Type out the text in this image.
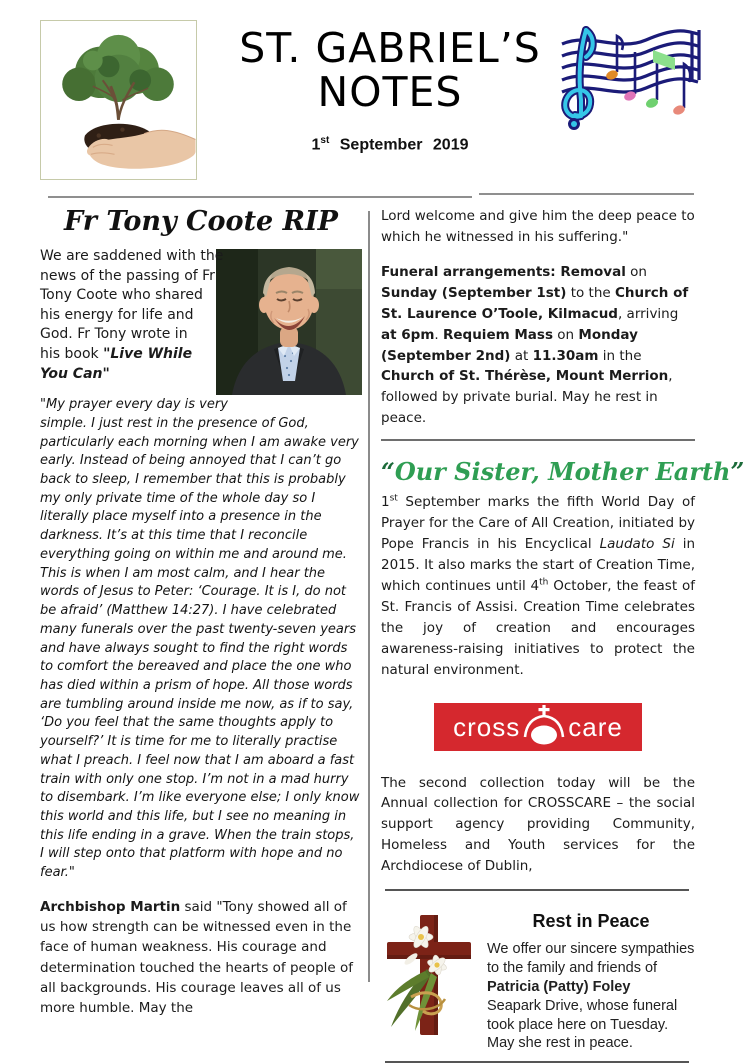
ST. GABRIEL’S
NOTES
1st September 2019
Fr Tony Coote RIP

We are saddened with the news of the passing of Fr Tony Coote who shared his energy for life and God. Fr Tony wrote in his book "Live While You Can"

"My prayer every day is very simple. I just rest in the presence of God, particularly each morning when I am awake very early. Instead of being annoyed that I can’t go back to sleep, I remember that this is probably my only private time of the whole day so I literally place myself into a presence in the darkness. It’s at this time that I reconcile everything going on within me and around me. This is when I am most calm, and I hear the words of Jesus to Peter: ‘Courage. It is I, do not be afraid’ (Matthew 14:27). I have celebrated many funerals over the past twenty-seven years and have always sought to find the right words to comfort the bereaved and place the one who has died within a prism of hope. All those words are tumbling around inside me now, as if to say, ‘Do you feel that the same thoughts apply to yourself?’ It is time for me to literally practise what I preach. I feel now that I am aboard a fast train with only one stop. I’m not in a mad hurry to disembark. I’m like everyone else; I only know this world and this life, but I see no meaning in this life ending in a grave. When the train stops, I will step onto that platform with hope and no fear."

Archbishop Martin said "Tony showed all of us how strength can be witnessed even in the face of human weakness. His courage and determination touched the hearts of people of all backgrounds. His courage leaves all of us more humble. May the

Lord welcome and give him the deep peace to which he witnessed in his suffering."

Funeral arrangements: Removal on Sunday (September 1st) to the Church of St. Laurence O’Toole, Kilmacud, arriving at 6pm. Requiem Mass on Monday (September 2nd) at 11.30am in the Church of St. Thérèse, Mount Merrion, followed by private burial. May he rest in peace.

“Our Sister, Mother Earth”

1st September marks the fifth World Day of Prayer for the Care of All Creation, initiated by Pope Francis in his Encyclical Laudato Si in 2015. It also marks the start of Creation Time, which continues until 4th October, the feast of St. Francis of Assisi. Creation Time celebrates the joy of creation and encourages awareness-raising initiatives to protect the natural environment.

cross care

The second collection today will be the Annual collection for CROSSCARE – the social support agency providing Community, Homeless and Youth services for the Archdiocese of Dublin,

Rest in Peace
We offer our sincere sympathies
to the family and friends of
Patricia (Patty) Foley
Seapark Drive, whose funeral
took place here on Tuesday.
May she rest in peace.
